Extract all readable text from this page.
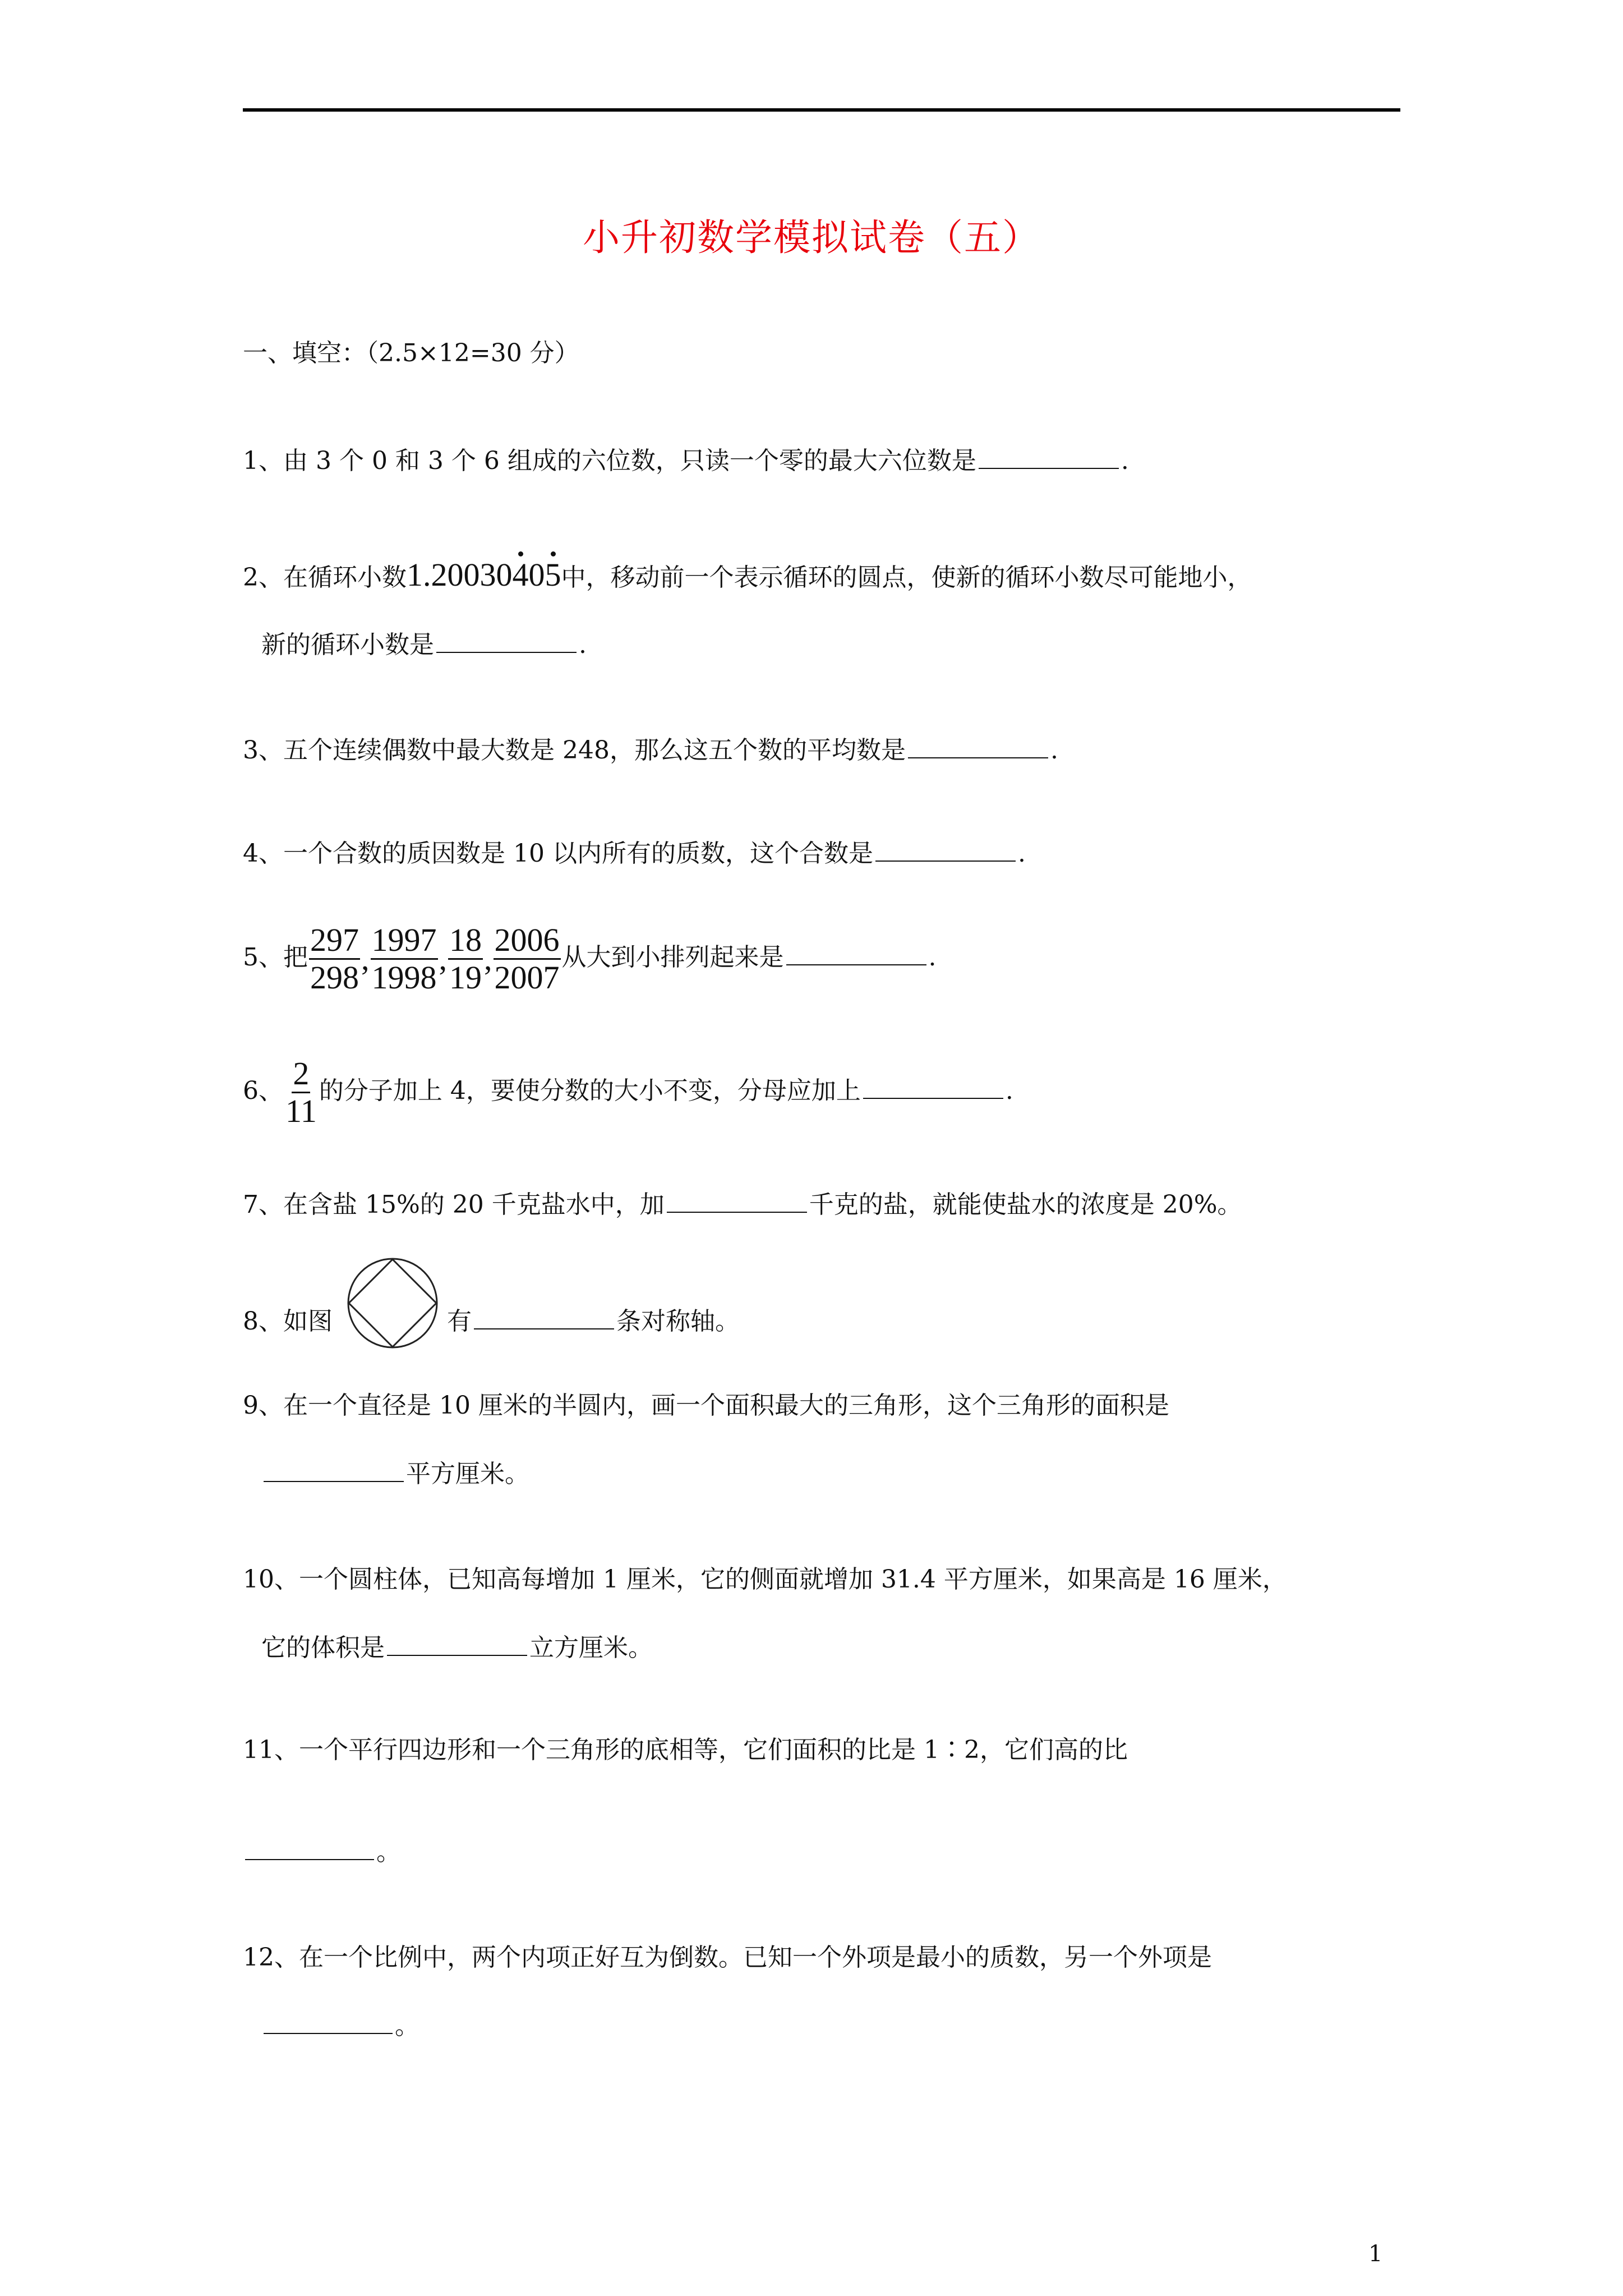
小升初数学模拟试卷（五）
一、填空：（2.5×12=30 分）
1、由 3 个 0 和 3 个 6 组成的六位数，只读一个零的最大六位数是	.
2、在循环小数1.20030405中，移动前一个表示循环的圆点，使新的循环小数尽可能地小，
新的循环小数是	.
3、五个连续偶数中最大数是 248，那么这五个数的平均数是	.
4、一个合数的质因数是 10 以内所有的质数，这个合数是	.
5、把 $\frac{297}{298}$ , $\frac{1997}{1998}$ , $\frac{18}{19}$ , $\frac{2006}{2007}$ 从大到小排列起来是	.
6、 $\frac{2}{11}$ 的分子加上 4，要使分数的大小不变，分母应加上	.
7、在含盐 15%的 20 千克盐水中，加	千克的盐，就能使盐水的浓度是 20%。
8、如图	有	条对称轴。
9、在一个直径是 10 厘米的半圆内，画一个面积最大的三角形，这个三角形的面积是
平方厘米。
10、一个圆柱体，已知高每增加 1 厘米，它的侧面就增加 31.4 平方厘米，如果高是 16 厘米，
它的体积是	立方厘米。
11、一个平行四边形和一个三角形的底相等，它们面积的比是 1∶2，它们高的比
。
12、在一个比例中，两个内项正好互为倒数。已知一个外项是最小的质数，另一个外项是
。
1
